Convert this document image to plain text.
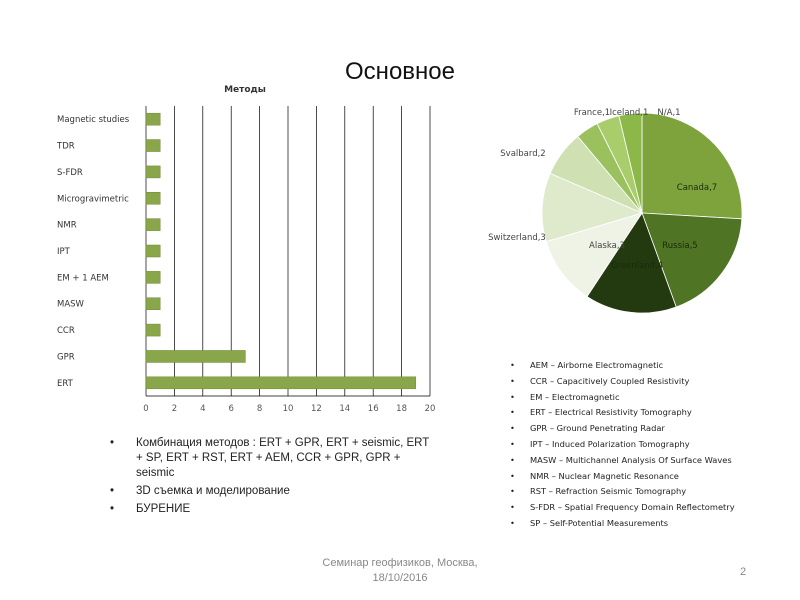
Основное
Методы
0	2	4	6	8 10 12 14 16 18 20
Magnetic studies
TDR
S-FDR
Microgravimetric
NMR
IPT
EM + 1 AEM
MASW
CCR
GPR
ERT
Canada,7
Russia,5
Greenland,4
Alaska,3
Switzerland,3
Svalbard,2
France,1 Iceland,1 N/A,1
• Комбинация методов : ERT + GPR, ERT + seismic, ERT + SP, ERT + RST, ERT + AEM, CCR + GPR, GPR + seismic
• 3D съемка и моделирование
• БУРЕНИЕ
• AEM – Airborne Electromagnetic
• CCR – Capacitively Coupled Resistivity
• EM – Electromagnetic
• ERT – Electrical Resistivity Tomography
• GPR – Ground Penetrating Radar
• IPT – Induced Polarization Tomography
• MASW – Multichannel Analysis Of Surface Waves
• NMR – Nuclear Magnetic Resonance
• RST – Refraction Seismic Tomography
• S-FDR – Spatial Frequency Domain Reflectometry
• SP – Self-Potential Measurements
Семинар геофизиков, Москва,
18/10/2016	2
